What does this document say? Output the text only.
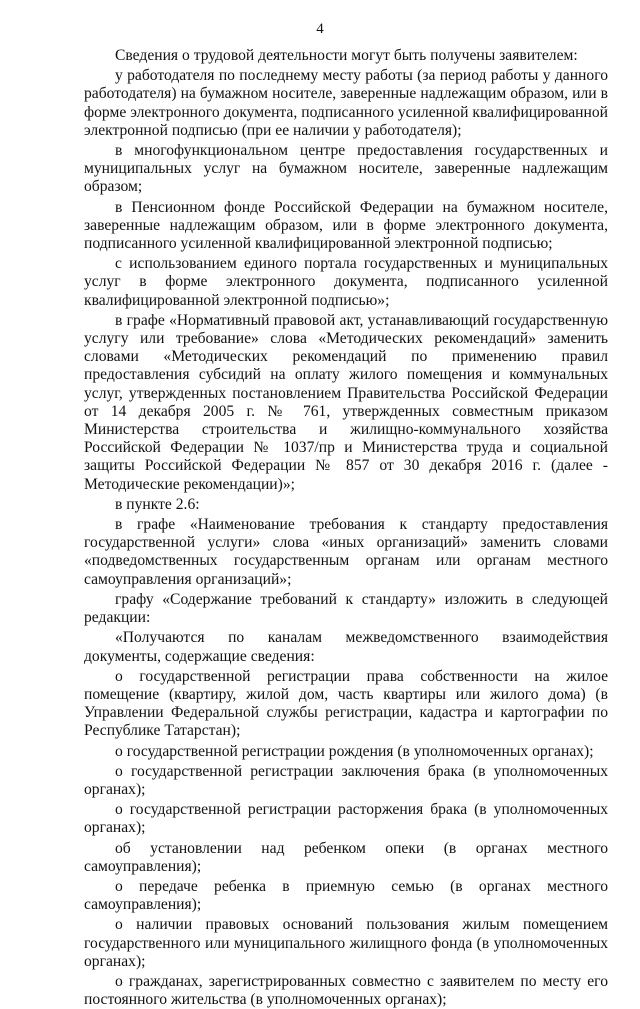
4

Сведения о трудовой деятельности могут быть получены заявителем:

у работодателя по последнему месту работы (за период работы у данного работодателя) на бумажном носителе, заверенные надлежащим образом, или в форме электронного документа, подписанного усиленной квалифицированной электронной подписью (при ее наличии у работодателя);

в многофункциональном центре предоставления государственных и муниципальных услуг на бумажном носителе, заверенные надлежащим образом;

в Пенсионном фонде Российской Федерации на бумажном носителе, заверенные надлежащим образом, или в форме электронного документа, подписанного усиленной квалифицированной электронной подписью;

с использованием единого портала государственных и муниципальных услуг в форме электронного документа, подписанного усиленной квалифицированной электронной подписью»;

в графе «Нормативный правовой акт, устанавливающий государственную услугу или требование» слова «Методических рекомендаций» заменить словами «Методических рекомендаций по применению правил предоставления субсидий на оплату жилого помещения и коммунальных услуг, утвержденных постановлением Правительства Российской Федерации от 14 декабря 2005 г. № 761, утвержденных совместным приказом Министерства строительства и жилищно-коммунального хозяйства Российской Федерации № 1037/пр и Министерства труда и социальной защиты Российской Федерации № 857 от 30 декабря 2016 г. (далее - Методические рекомендации)»;

в пункте 2.6:

в графе «Наименование требования к стандарту предоставления государственной услуги» слова «иных организаций» заменить словами «подведомственных государственным органам или органам местного самоуправления организаций»;

графу «Содержание требований к стандарту» изложить в следующей редакции:

«Получаются по каналам межведомственного взаимодействия документы, содержащие сведения:

о государственной регистрации права собственности на жилое помещение (квартиру, жилой дом, часть квартиры или жилого дома) (в Управлении Федеральной службы регистрации, кадастра и картографии по Республике Татарстан);

о государственной регистрации рождения (в уполномоченных органах);

о государственной регистрации заключения брака (в уполномоченных органах);

о государственной регистрации расторжения брака (в уполномоченных органах);

об установлении над ребенком опеки (в органах местного самоуправления);

о передаче ребенка в приемную семью (в органах местного самоуправления);

о наличии правовых оснований пользования жилым помещением государственного или муниципального жилищного фонда (в уполномоченных органах);

о гражданах, зарегистрированных совместно с заявителем по месту его постоянного жительства (в уполномоченных органах);
